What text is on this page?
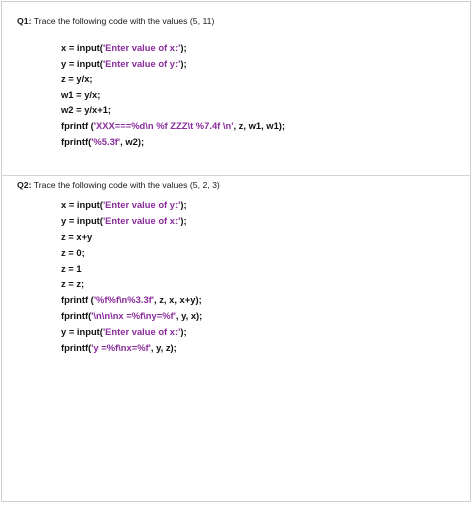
Q1: Trace the following code with the values (5, 11)
x = input('Enter value of x:');
y = input('Enter value of y:');
z = y/x;
w1 = y/x;
w2 = y/x+1;
fprintf ('XXX===%d\n %f ZZZ\t %7.4f \n', z, w1, w1);
fprintf('%5.3f', w2);
Q2: Trace the following code with the values (5, 2, 3)
x = input('Enter value of y:');
y = input('Enter value of x:');
z = x+y
z = 0;
z = 1
z = z;
fprintf ('%f%f\n%3.3f', z, x, x+y);
fprintf('\n\n\nx =%f\ny=%f', y, x);
y = input('Enter value of x:');
fprintf('y =%f\nx=%f', y, z);
